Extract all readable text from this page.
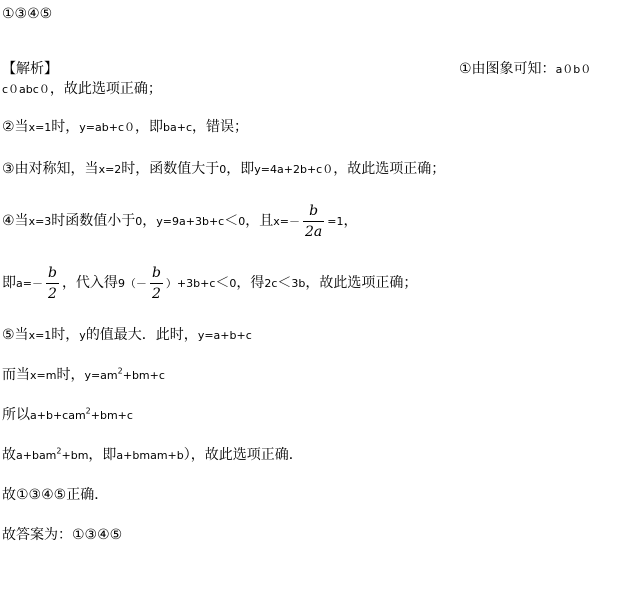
①③④⑤
【解析】	①由图象可知：a０b０
c０abc０，故此选项正确；
②当x=1时，y=ab+c０，即ba+c，错误；
③由对称知，当x=2时，函数值大于0，即y=4a+2b+c０，故此选项正确；
④当x=3时函数值小于0，y=9a+3b+c＜0，且$x=- \frac{b}{2a} =1$，
即$a=- \frac{b}{2}$ ，代入得$9(- \frac{b}{2} )+3b+c<0$，得2c＜3b，故此选项正确；
⑤当x=1时，y的值最大．此时，y=a+b+c
而当x=m时，$y=am^2+bm+c$
所以a+b+cam$^2$+bm+c
故a+bam$^2$+bm，即a+bmam+b），故此选项正确．
故①③④⑤正确．
故答案为：①③④⑤
